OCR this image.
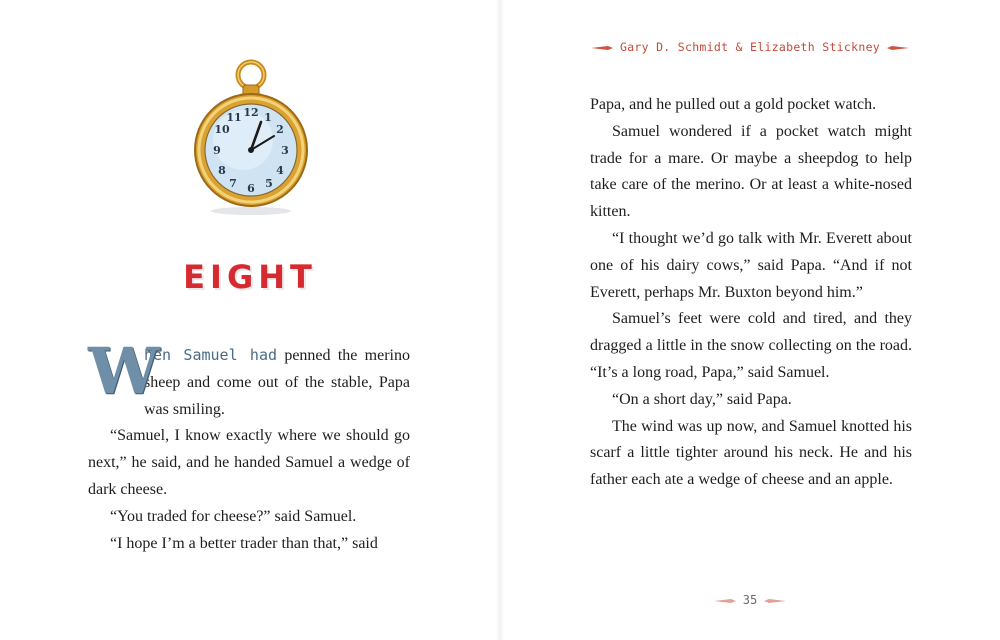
12 1
2
3
4
5
6
7
8
9
10
11
EIGHT

W
hen Samuel had penned the merino sheep and come out of the stable, Papa was smiling.

“Samuel, I know exactly where we should go next,” he said, and he handed Samuel a wedge of dark cheese.

“You traded for cheese?” said Samuel.

“I hope I’m a better trader than that,” said

Gary D. Schmidt & Elizabeth Stickney

Papa, and he pulled out a gold pocket watch.

Samuel wondered if a pocket watch might trade for a mare. Or maybe a sheepdog to help take care of the merino. Or at least a white-nosed kitten.

“I thought we’d go talk with Mr. Everett about one of his dairy cows,” said Papa. “And if not Everett, perhaps Mr. Buxton beyond him.”

Samuel’s feet were cold and tired, and they dragged a little in the snow collecting on the road. “It’s a long road, Papa,” said Samuel.

“On a short day,” said Papa.

The wind was up now, and Samuel knotted his scarf a little tighter around his neck. He and his father each ate a wedge of cheese and an apple.

35
